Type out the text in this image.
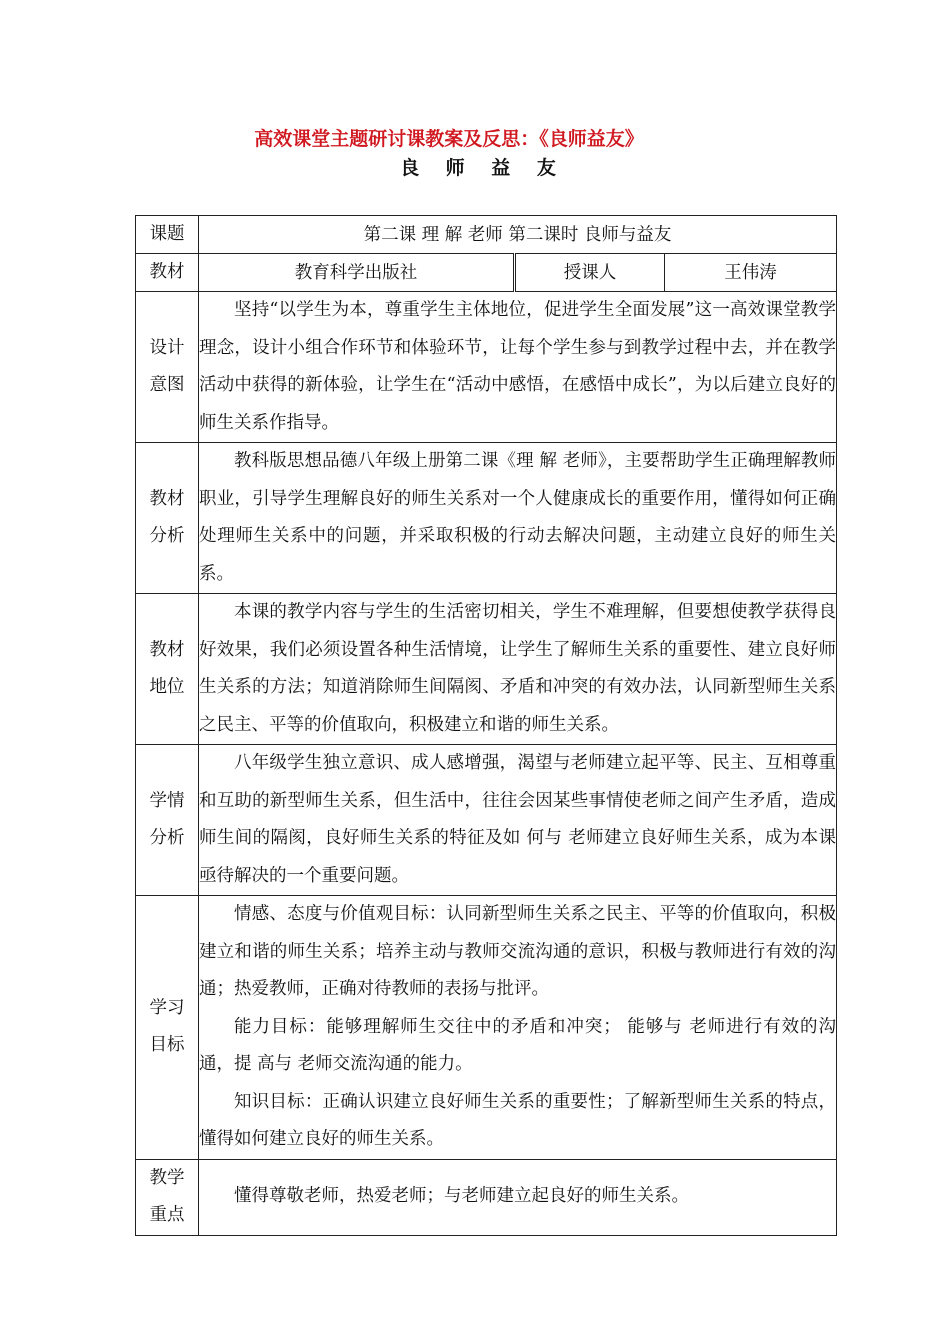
高效课堂主题研讨课教案及反思：《良师益友》
良 师 益 友
课题	第二课 理 解 老师 第二课时 良师与益友		
教材	教育科学出版社	授课人	王伟涛
设计意图	坚持“以学生为本，尊重学生主体地位，促进学生全面发展”这一高效课堂教学理念，设计小组合作环节和体验环节，让每个学生参与到教学过程中去，并在教学活动中获得的新体验，让学生在“活动中感悟，在感悟中成长”，为以后建立良好的师生关系作指导。		

教材分析	教科版思想品德八年级上册第二课《理 解 老师》，主要帮助学生正确理解教师职业，引导学生理解良好的师生关系对一个人健康成长的重要作用，懂得如何正确处理师生关系中的问题，并采取积极的行动去解决问题，主动建立良好的师生关系。		

教材地位	本课的教学内容与学生的生活密切相关，学生不难理解，但要想使教学获得良好效果，我们必须设置各种生活情境，让学生了解师生关系的重要性、建立良好师生关系的方法；知道消除师生间隔阂、矛盾和冲突的有效办法，认同新型师生关系之民主、平等的价值取向，积极建立和谐的师生关系。		

学情分析	八年级学生独立意识、成人感增强，渴望与老师建立起平等、民主、互相尊重和互助的新型师生关系，但生活中，往往会因某些事情使老师之间产生矛盾，造成师生间的隔阂，良好师生关系的特征及如 何与 老师建立良好师生关系，成为本课亟待解决的一个重要问题。		

学习目标	情感、态度与价值观目标：认同新型师生关系之民主、平等的价值取向，积极建立和谐的师生关系；培养主动与教师交流沟通的意识，积极与教师进行有效的沟通；热爱教师，正确对待教师的表扬与批评。

能力目标：能够理解师生交往中的矛盾和冲突； 能够与 老师进行有效的沟通，提 高与 老师交流沟通的能力。

知识目标：正确认识建立良好师生关系的重要性；了解新型师生关系的特点，懂得如何建立良好的师生关系。		

教学重点	懂得尊敬老师，热爱老师；与老师建立起良好的师生关系。		
